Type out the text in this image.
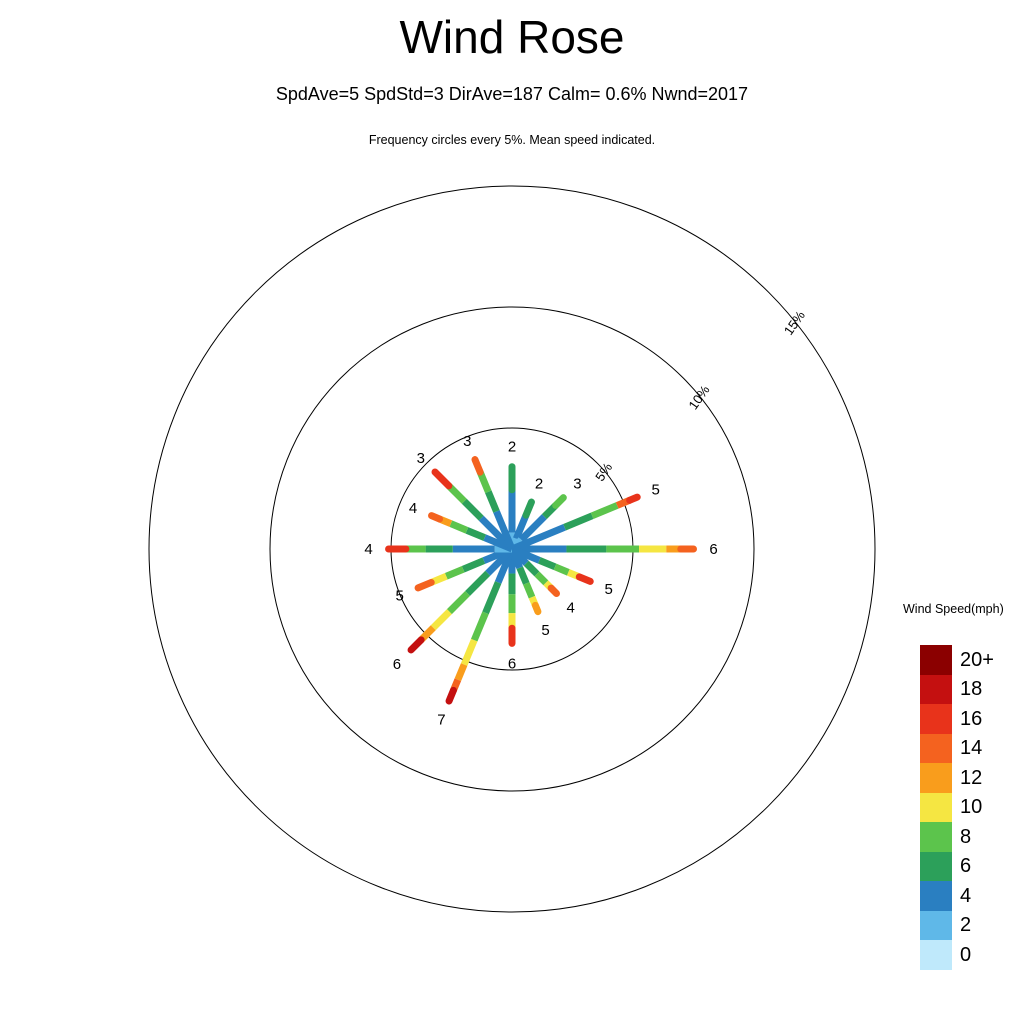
Wind Rose
SpdAve=5 SpdStd=3 DirAve=187 Calm= 0.6% Nwnd=2017
Frequency circles every 5%. Mean speed indicated.
5%
10%
15%
2
2 3	5
6
5
4
5
6
7
6
5
4
4
3
3
Wind Speed(mph)
20+
18
16
14
12
10
8
6
4
2
0
